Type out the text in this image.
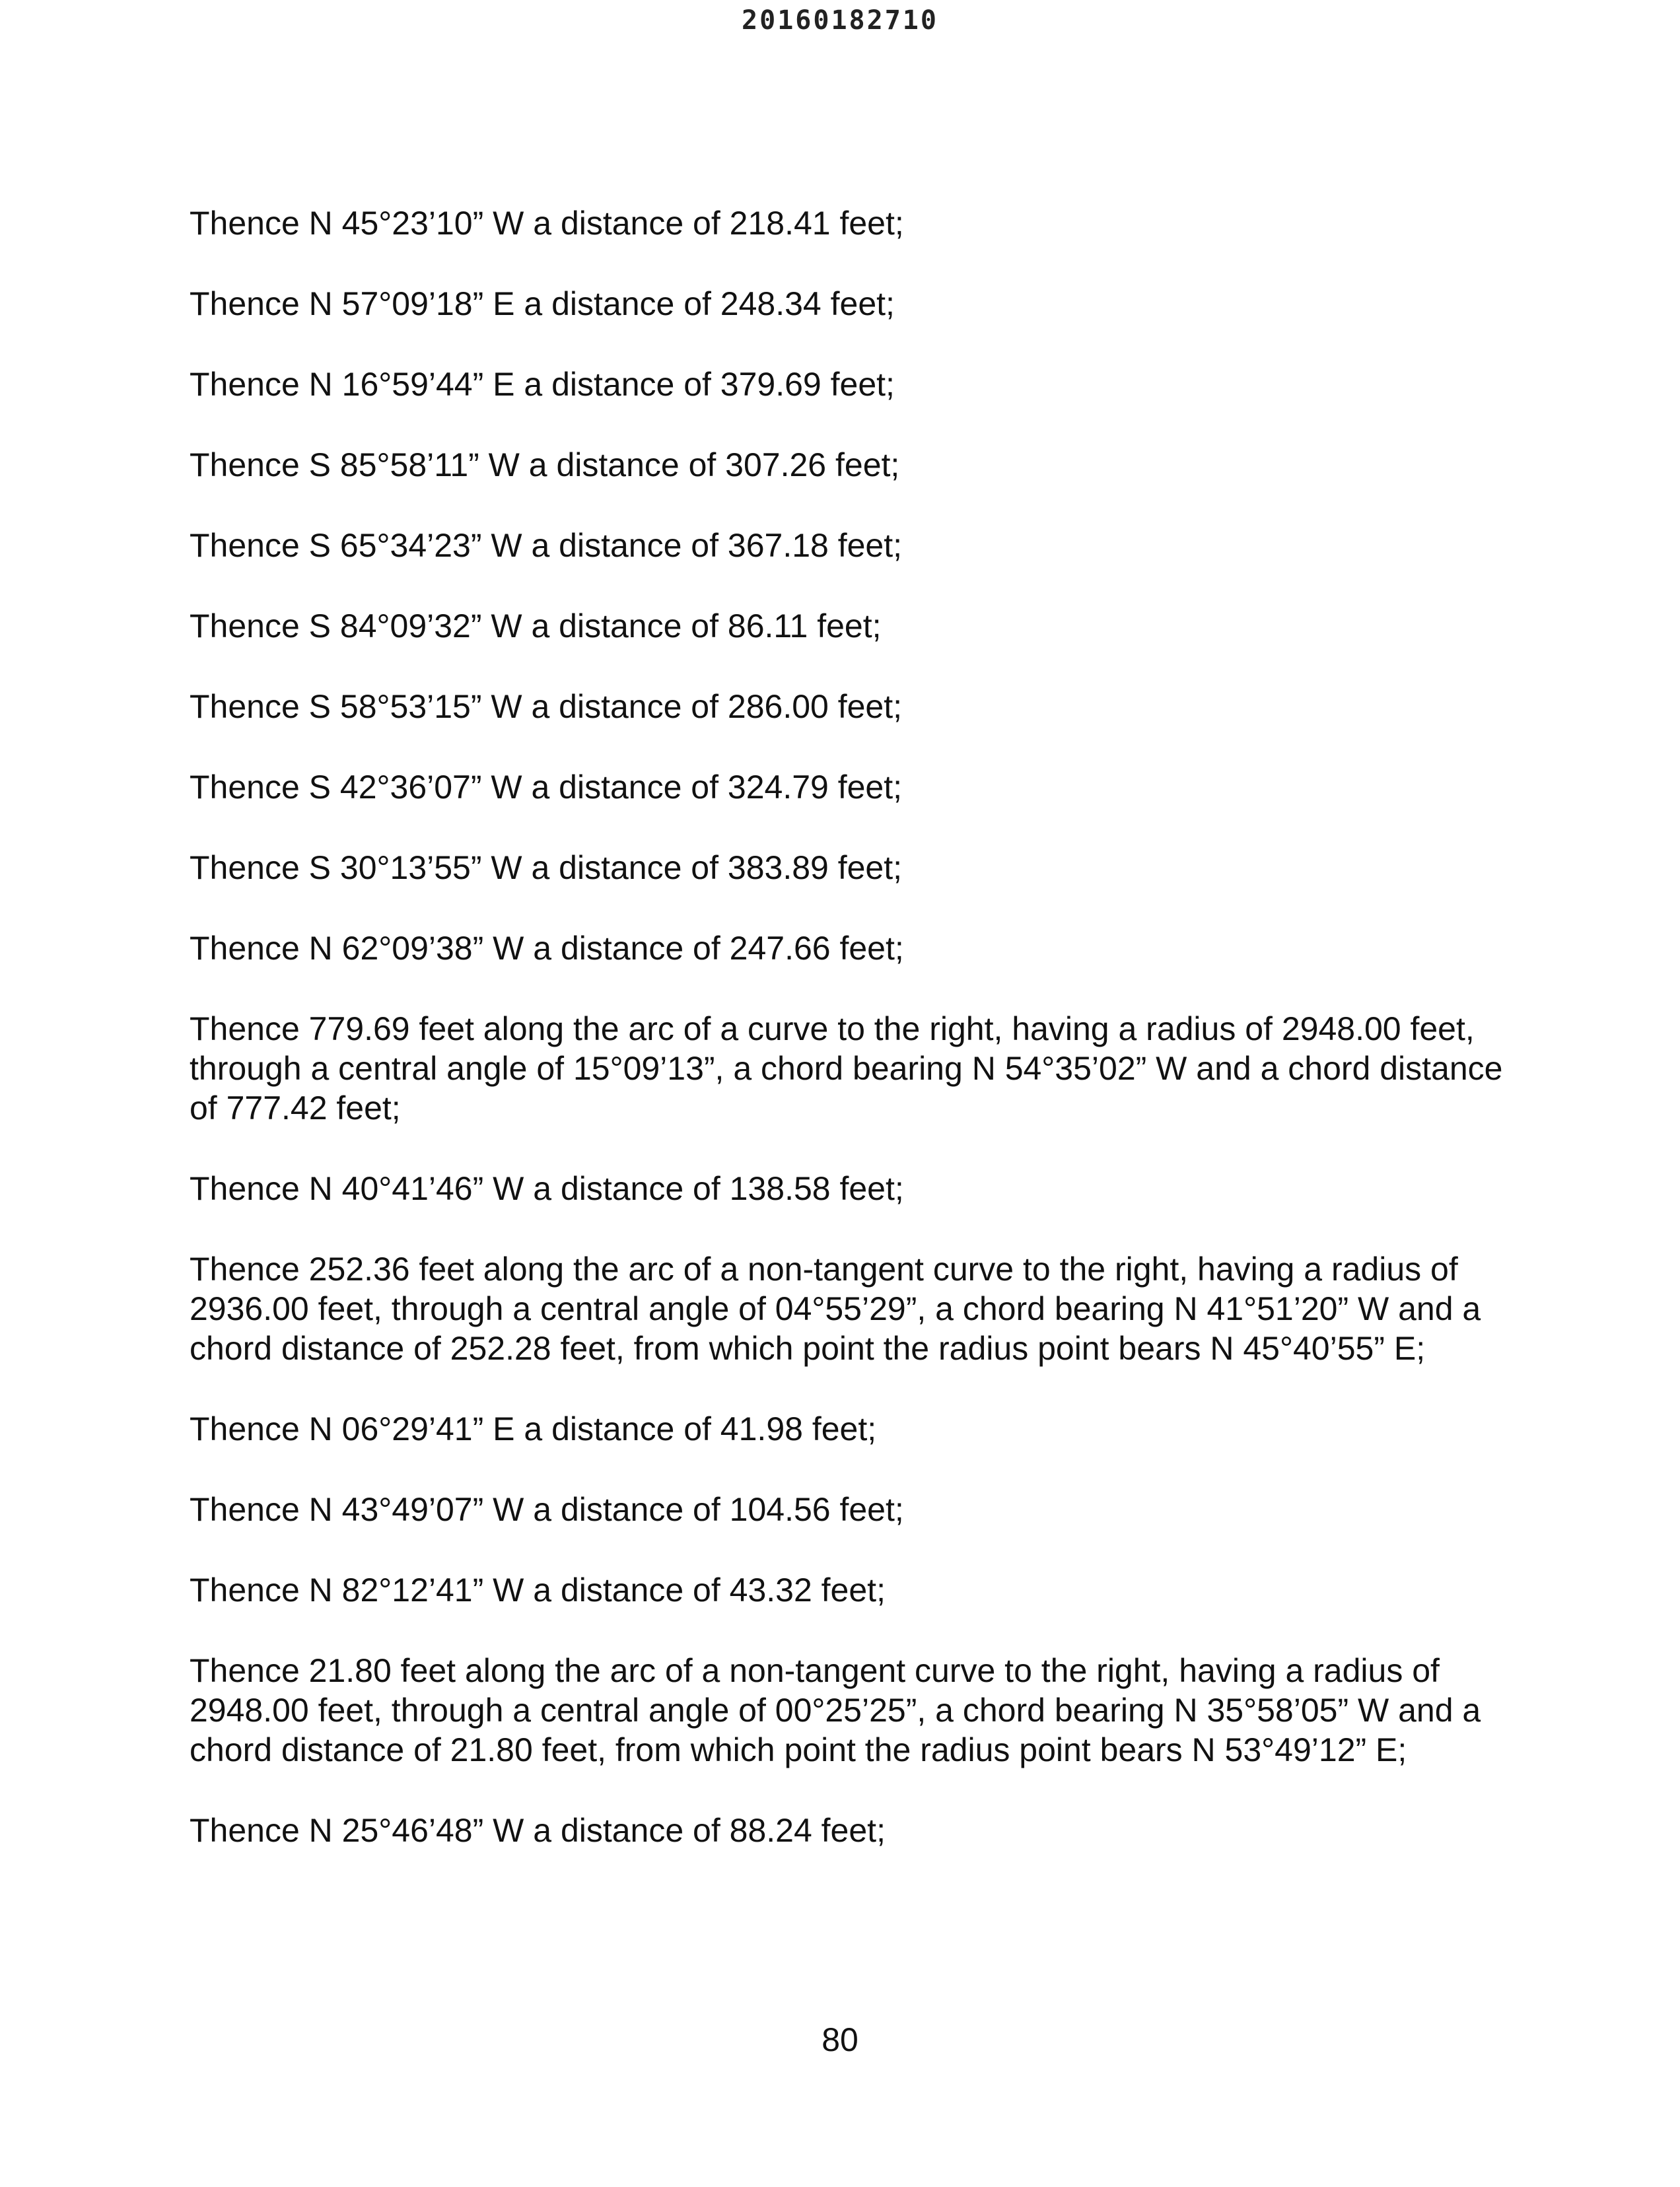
20160182710

Thence N 45°23’10” W a distance of 218.41 feet;

Thence N 57°09’18” E a distance of 248.34 feet;

Thence N 16°59’44” E a distance of 379.69 feet;

Thence S 85°58’11” W a distance of 307.26 feet;

Thence S 65°34’23” W a distance of 367.18 feet;

Thence S 84°09’32” W a distance of 86.11 feet;

Thence S 58°53’15” W a distance of 286.00 feet;

Thence S 42°36’07” W a distance of 324.79 feet;

Thence S 30°13’55” W a distance of 383.89 feet;

Thence N 62°09’38” W a distance of 247.66 feet;

Thence 779.69 feet along the arc of a curve to the right, having a radius of 2948.00 feet, through a central angle of 15°09’13”, a chord bearing N 54°35’02” W and a chord distance of 777.42 feet;

Thence N 40°41’46” W a distance of 138.58 feet;

Thence 252.36 feet along the arc of a non-tangent curve to the right, having a radius of 2936.00 feet, through a central angle of 04°55’29”, a chord bearing N 41°51’20” W and a chord distance of 252.28 feet, from which point the radius point bears N 45°40’55” E;

Thence N 06°29’41” E a distance of 41.98 feet;

Thence N 43°49’07” W a distance of 104.56 feet;

Thence N 82°12’41” W a distance of 43.32 feet;

Thence 21.80 feet along the arc of a non-tangent curve to the right, having a radius of 2948.00 feet, through a central angle of 00°25’25”, a chord bearing N 35°58’05” W and a chord distance of 21.80 feet, from which point the radius point bears N 53°49’12” E;

Thence N 25°46’48” W a distance of 88.24 feet;

80
